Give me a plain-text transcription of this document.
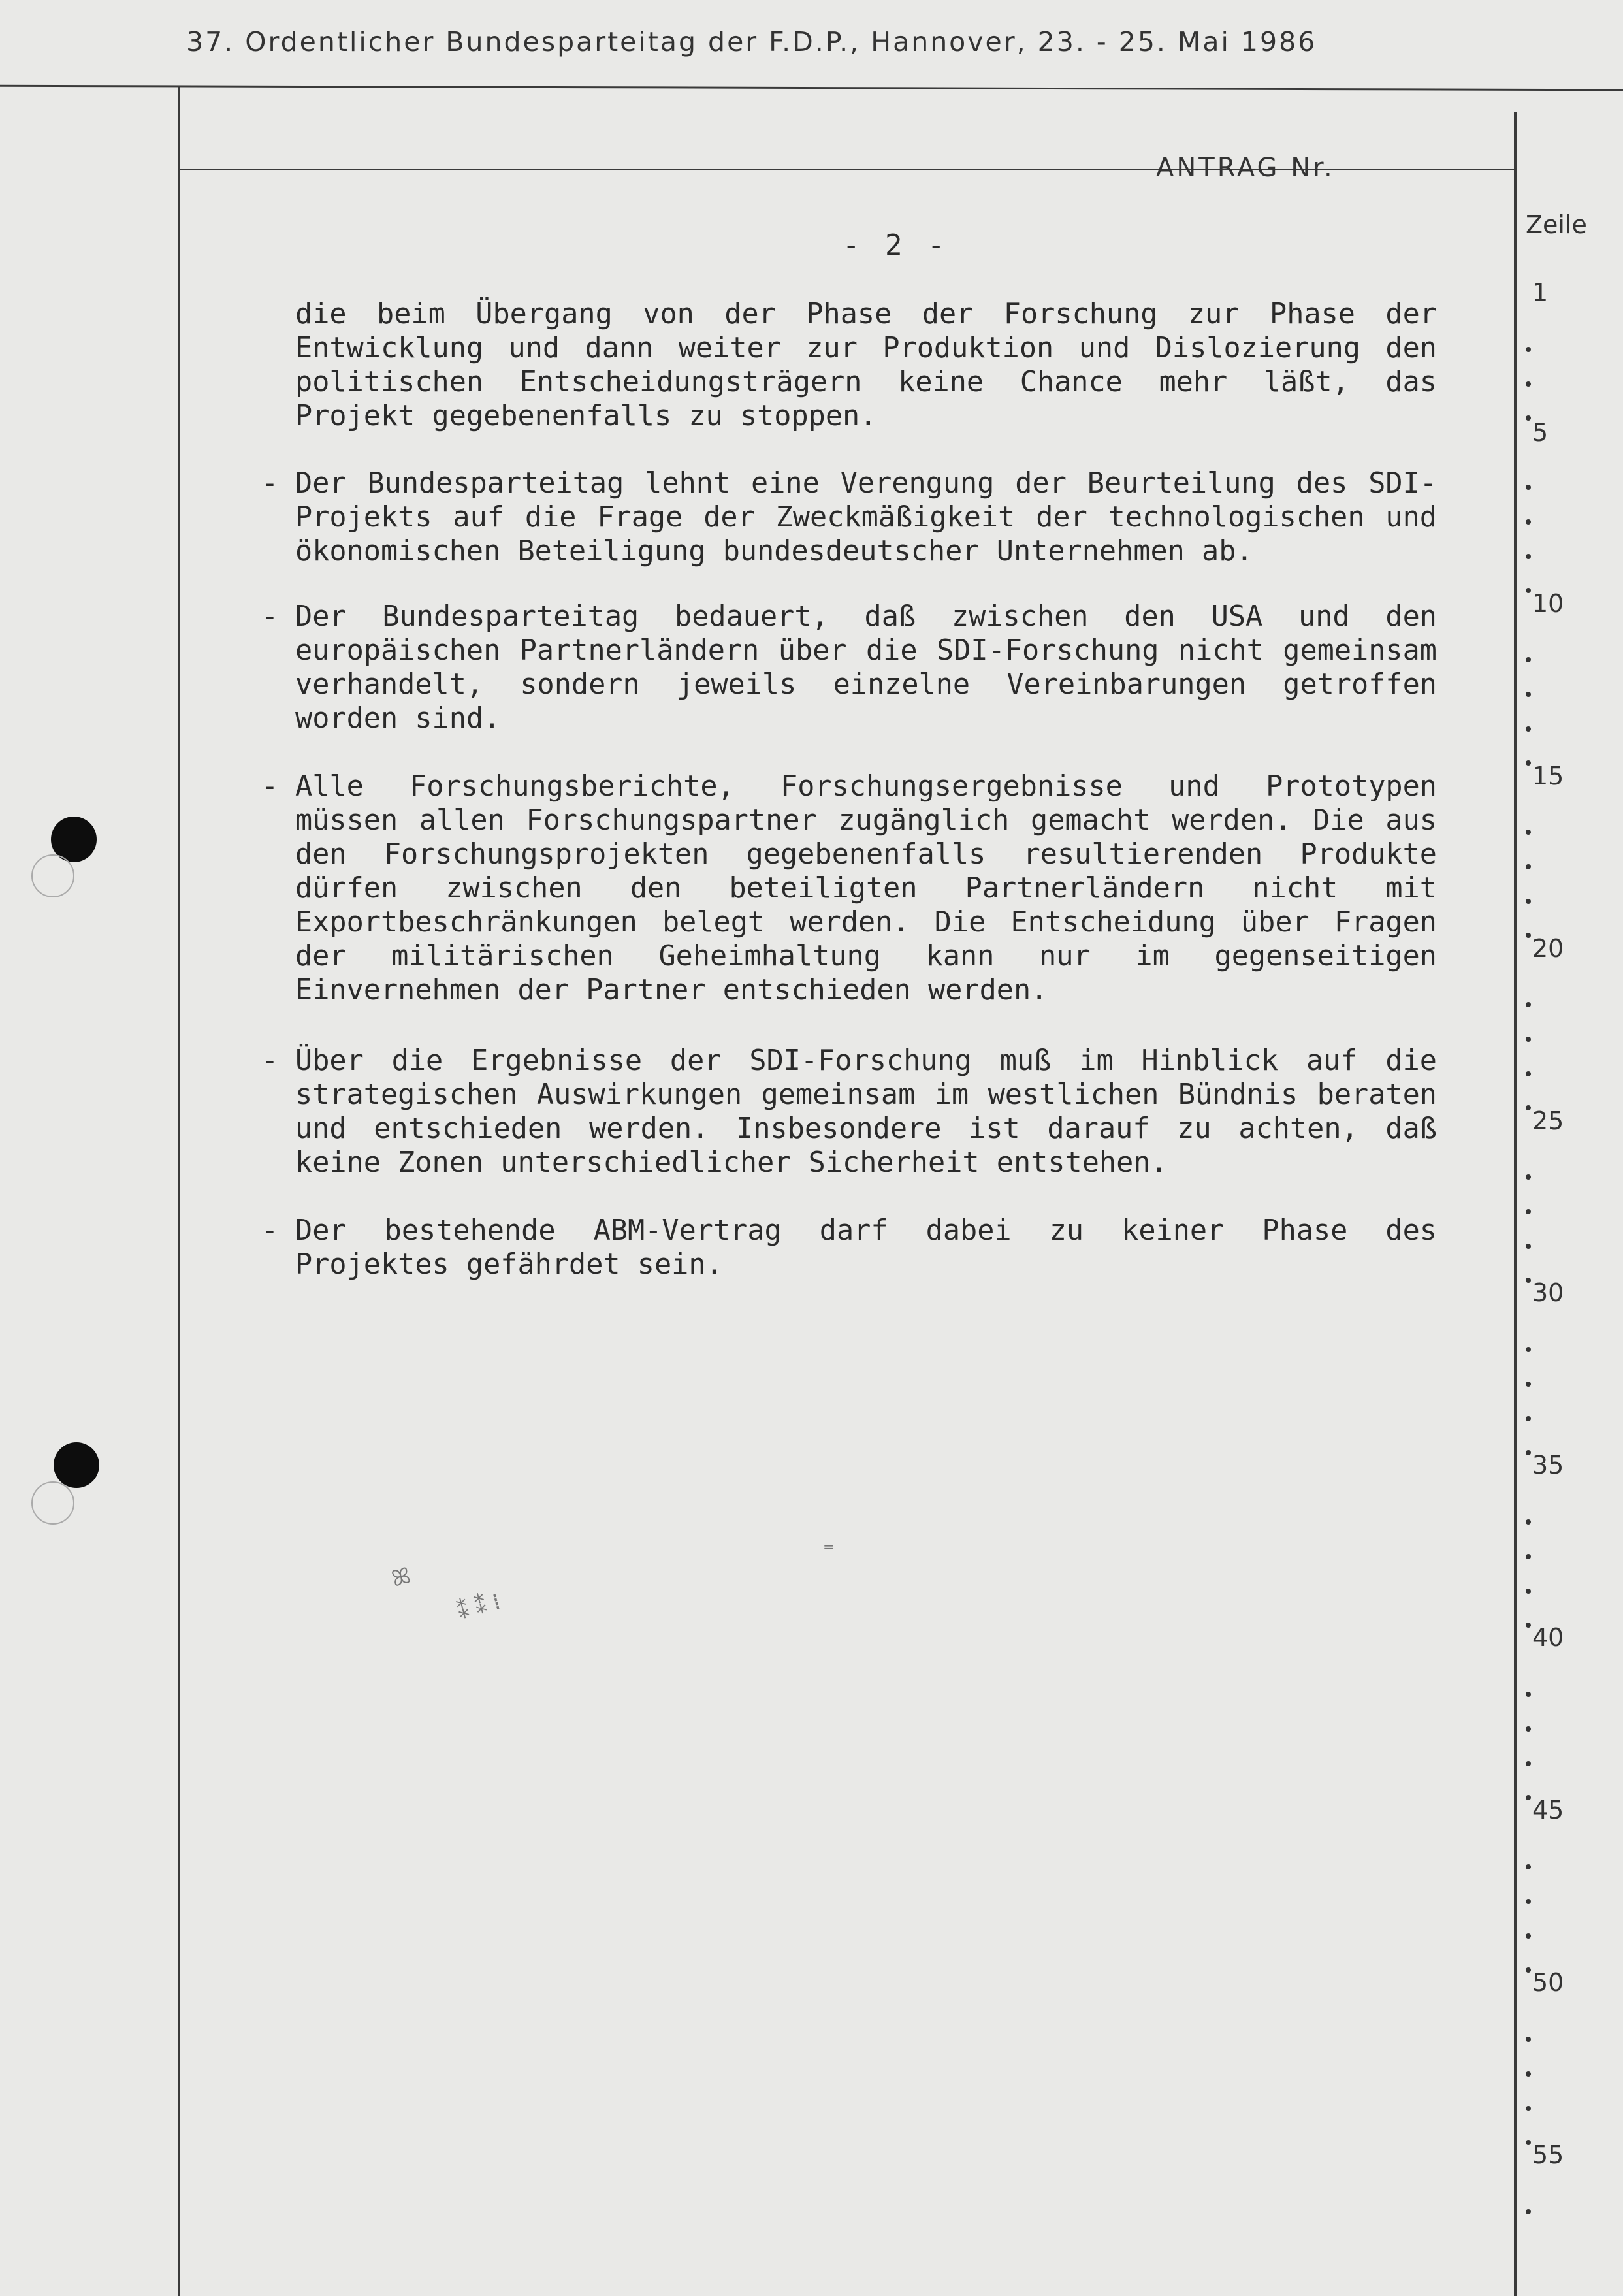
37. Ordentlicher Bundesparteitag der F.D.P., Hannover, 23. - 25. Mai 1986
ANTRAG Nr.
Zeile
- 2 -
die beim Übergang von der Phase der Forschung zur Phase der Entwicklung und dann weiter zur Produktion und Dislozierung den politischen Entscheidungsträgern keine Chance mehr läßt, das Projekt gegebenenfalls zu stoppen.
- Der Bundesparteitag lehnt eine Verengung der Beurteilung des SDI-Projekts auf die Frage der Zweckmäßigkeit der technologischen und ökonomischen Beteiligung bundesdeutscher Unternehmen ab.
- Der Bundesparteitag bedauert, daß zwischen den USA und den europäischen Partnerländern über die SDI-Forschung nicht gemeinsam verhandelt, sondern jeweils einzelne Vereinbarungen getroffen worden sind.
- Alle Forschungsberichte, Forschungsergebnisse und Prototypen müssen allen Forschungspartner zugänglich gemacht werden. Die aus den Forschungsprojekten gegebenenfalls resultierenden Produkte dürfen zwischen den beteiligten Partnerländern nicht mit Exportbeschränkungen belegt werden. Die Entscheidung über Fragen der militärischen Geheimhaltung kann nur im gegenseitigen Einvernehmen der Partner entschieden werden.
- Über die Ergebnisse der SDI-Forschung muß im Hinblick auf die strategischen Auswirkungen gemeinsam im westlichen Bündnis beraten und entschieden werden. Insbesondere ist darauf zu achten, daß keine Zonen unterschiedlicher Sicherheit entstehen.
- Der bestehende ABM-Vertrag darf dabei zu keiner Phase des Projektes gefährdet sein.
1
5
10
15
20
25
30
35
40
45
50
55
ꕤ
⁑ ⁑ ⁞
⁼
